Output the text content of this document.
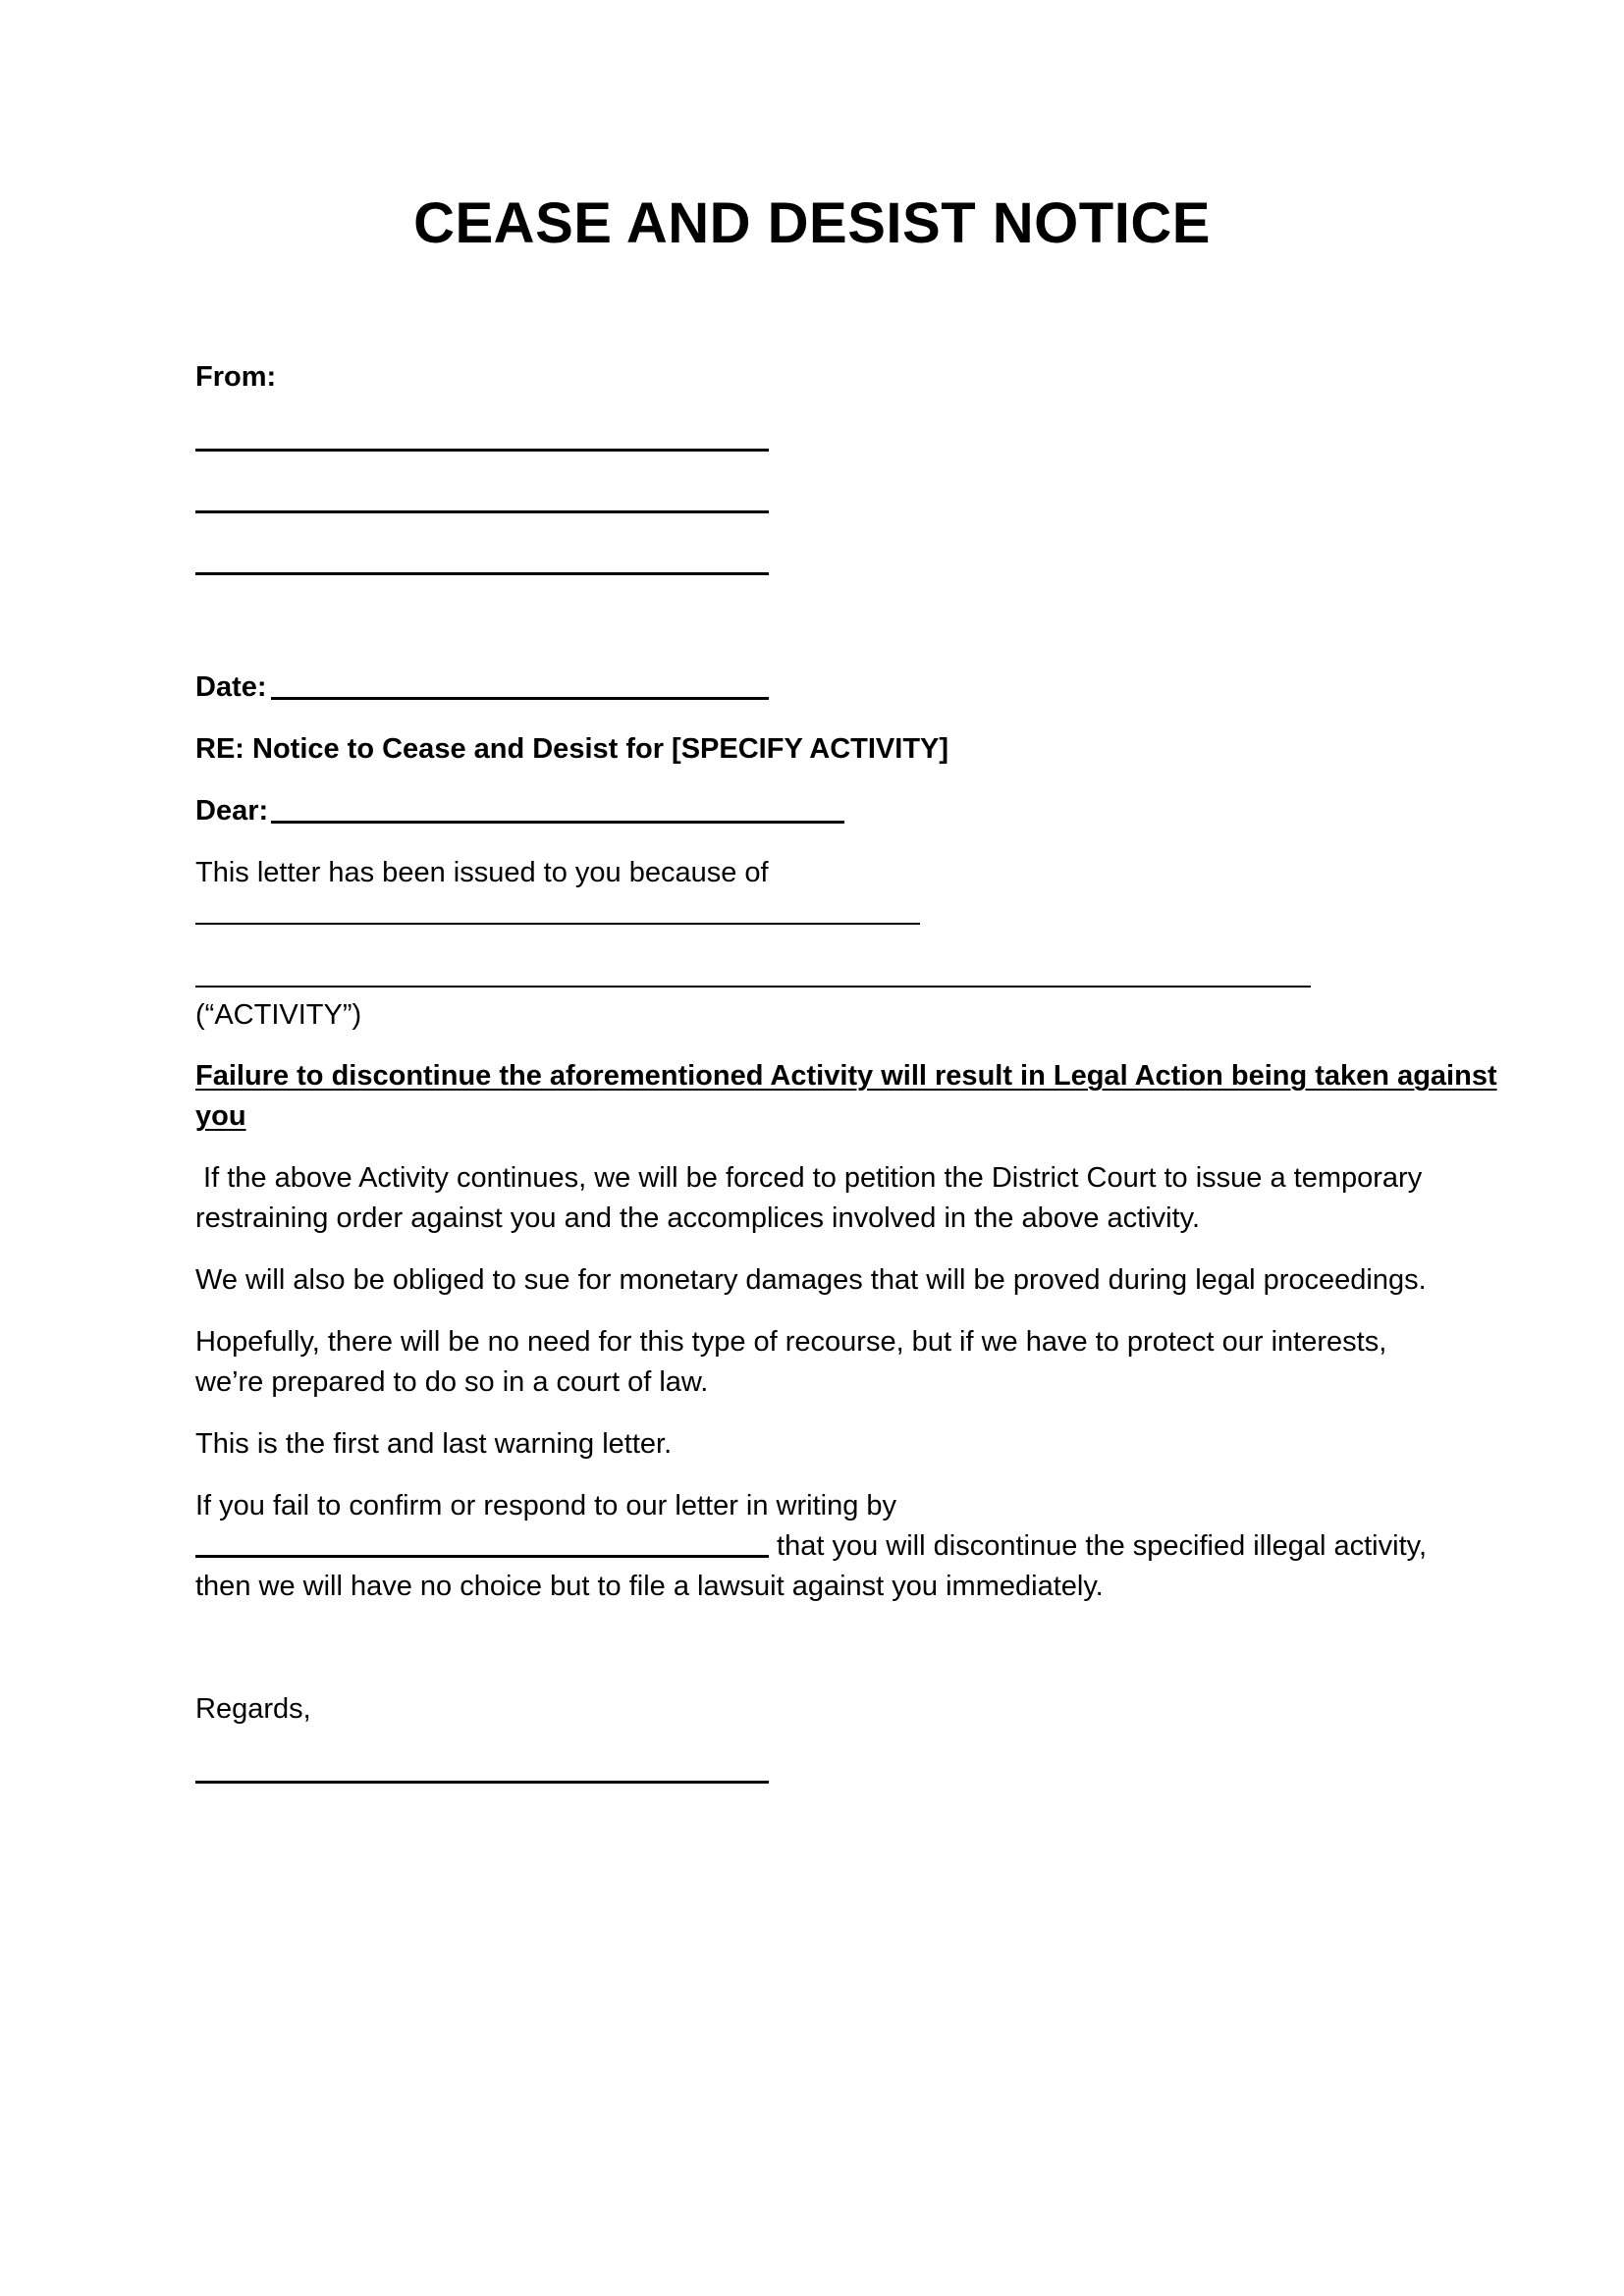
CEASE AND DESIST NOTICE
From:
Date:
RE: Notice to Cease and Desist for [SPECIFY ACTIVITY]
Dear:
This letter has been issued to you because of
(“ACTIVITY”)
Failure to discontinue the aforementioned Activity will result in Legal Action being taken against
you
If the above Activity continues, we will be forced to petition the District Court to issue a temporary
restraining order against you and the accomplices involved in the above activity.
We will also be obliged to sue for monetary damages that will be proved during legal proceedings.
Hopefully, there will be no need for this type of recourse, but if we have to protect our interests,
we’re prepared to do so in a court of law.
This is the first and last warning letter.
If you fail to confirm or respond to our letter in writing by
that you will discontinue the specified illegal activity,
then we will have no choice but to file a lawsuit against you immediately.
Regards,
